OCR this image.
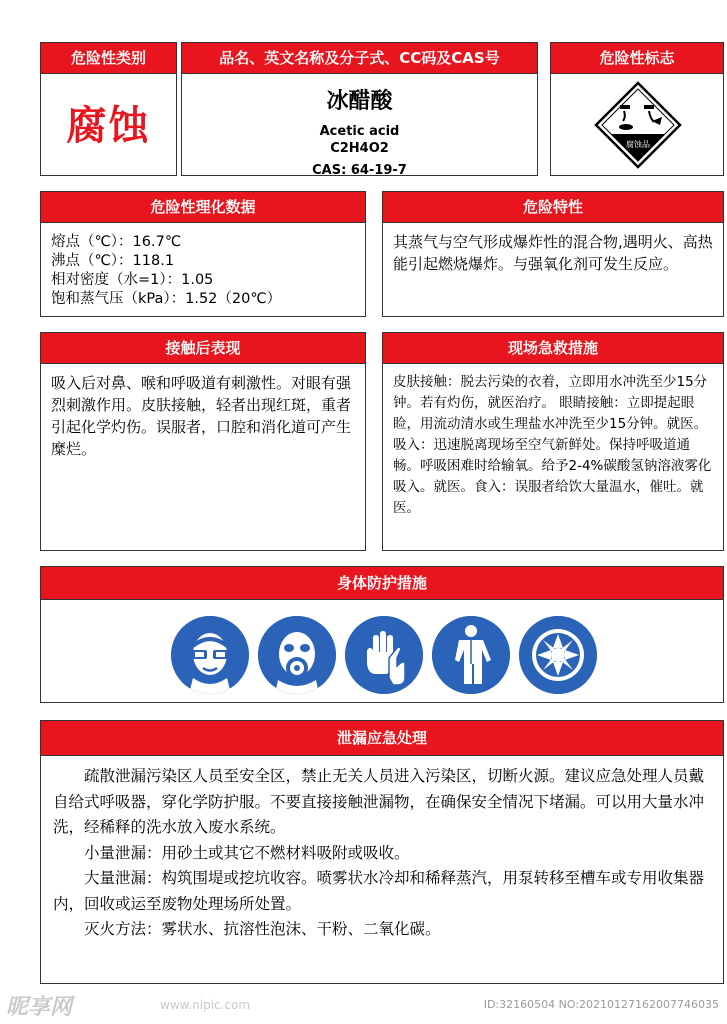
危险性类别
腐蚀
品名、英文名称及分子式、CC码及CAS号
冰醋酸
Acetic acid
C2H4O2
CAS: 64-19-7
危险性标志
腐蚀品
危险性理化数据
熔点（℃）：16.7℃
沸点（℃）：118.1
相对密度（水=1）：1.05
饱和蒸气压（kPa）：1.52（20℃）
危险特性
其蒸气与空气形成爆炸性的混合物,遇明火、高热能引起燃烧爆炸。与强氧化剂可发生反应。
接触后表现
吸入后对鼻、喉和呼吸道有刺激性。对眼有强烈刺激作用。皮肤接触，轻者出现红斑，重者引起化学灼伤。误服者，口腔和消化道可产生糜烂。
现场急救措施
皮肤接触：脱去污染的衣着，立即用水冲洗至少15分钟。若有灼伤，就医治疗。 眼睛接触：立即提起眼睑，用流动清水或生理盐水冲洗至少15分钟。就医。 吸入：迅速脱离现场至空气新鲜处。保持呼吸道通畅。呼吸困难时给输氧。给予2-4%碳酸氢钠溶液雾化吸入。就医。食入：误服者给饮大量温水，催吐。就医。
身体防护措施
泄漏应急处理

疏散泄漏污染区人员至安全区，禁止无关人员进入污染区，切断火源。建议应急处理人员戴自给式呼吸器，穿化学防护服。不要直接接触泄漏物，在确保安全情况下堵漏。可以用大量水冲洗，经稀释的洗水放入废水系统。

小量泄漏：用砂土或其它不燃材料吸附或吸收。

大量泄漏：构筑围堤或挖坑收容。喷雾状水冷却和稀释蒸汽，用泵转移至槽车或专用收集器内，回收或运至废物处理场所处置。

灭火方法：雾状水、抗溶性泡沫、干粉、二氧化碳。

昵享网	www.nipic.com	ID:32160504 NO:20210127162007746035
